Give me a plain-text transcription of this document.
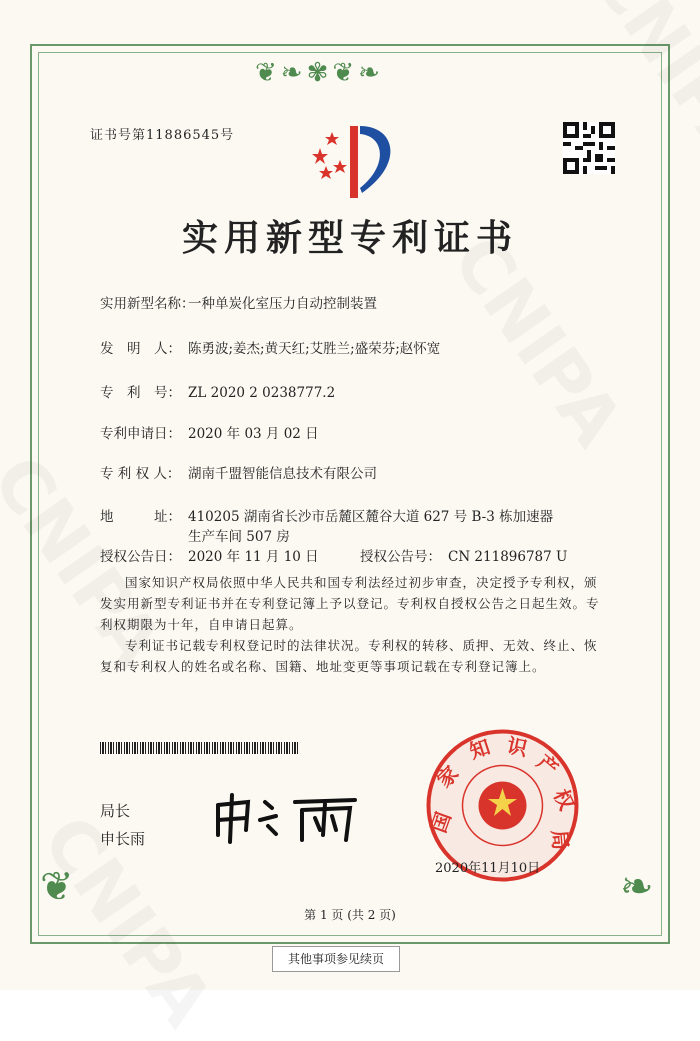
❦❧✾❦❧
❦	❧
证书号第11886545号
实用新型专利证书
实用新型名称：一种单炭化室压力自动控制装置
发　明　人： 陈勇波;姜杰;黄天红;艾胜兰;盛荣芬;赵怀宽
专　利　号： ZL 2020 2 0238777.2
专利申请日： 2020 年 03 月 02 日
专 利 权 人： 湖南千盟智能信息技术有限公司
地　　　址： 410205 湖南省长沙市岳麓区麓谷大道 627 号 B-3 栋加速器
生产车间 507 房
授权公告日： 2020 年 11 月 10 日	授权公告号： CN 211896787 U
国家知识产权局依照中华人民共和国专利法经过初步审查，决定授予专利权，颁发实用新型专利证书并在专利登记簿上予以登记。专利权自授权公告之日起生效。专利权期限为十年，自申请日起算。
专利证书记载专利权登记时的法律状况。专利权的转移、质押、无效、终止、恢复和专利权人的姓名或名称、国籍、地址变更等事项记载在专利登记簿上。
局长
申长雨
国
家
知 识
产
权
局
2020年11月10日
第 1 页 (共 2 页)
其他事项参见续页
